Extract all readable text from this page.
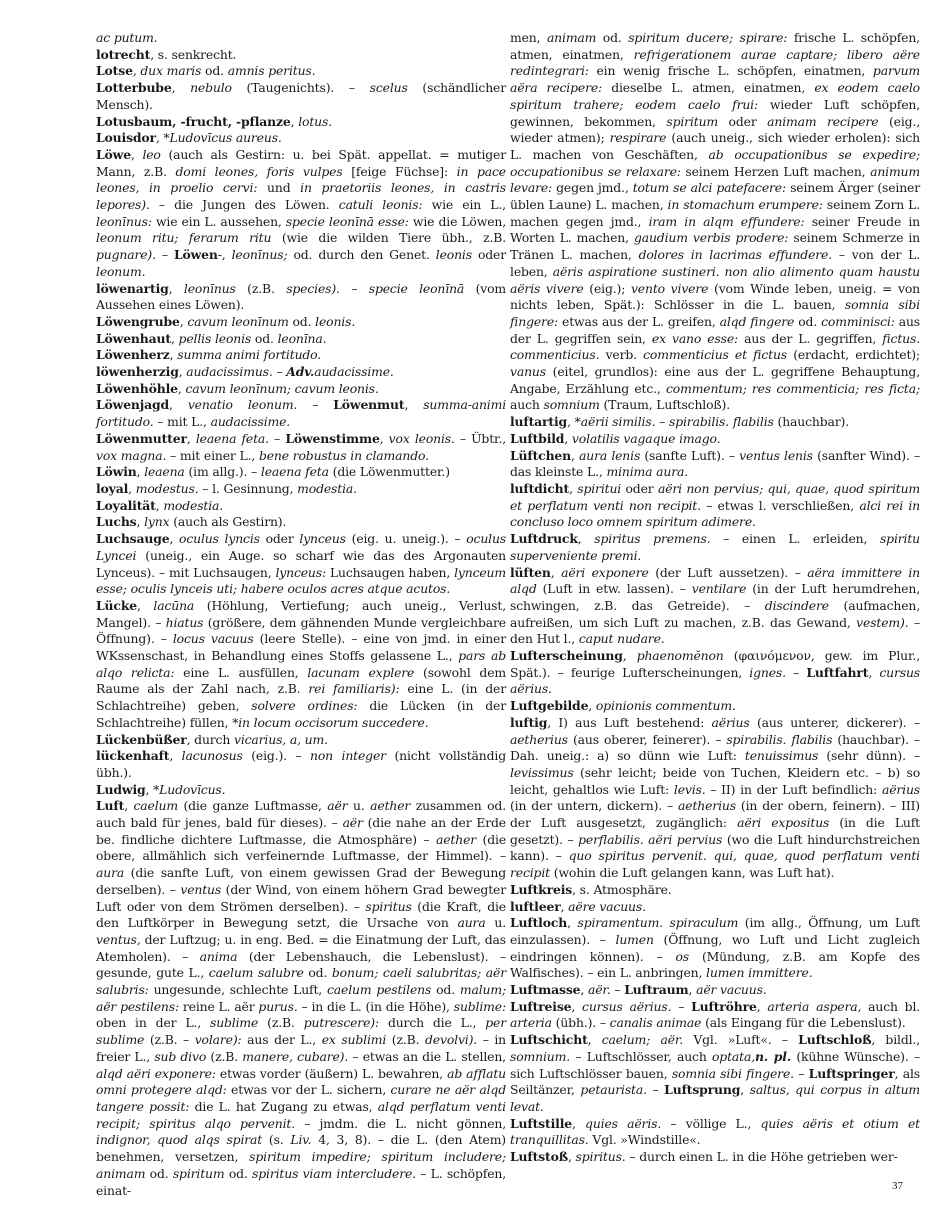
ac putum.
lotrecht, s. senkrecht.
Lotse, dux maris od. amnis peritus.
Lotterbube, nebulo (Taugenichts). – scelus (schändlicher Mensch).
Lotusbaum, -frucht, -pflanze, lotus.
Louisdor, *Ludovīcus aureus.
Löwe, leo (auch als Gestirn: u. bei Spät. appellat. = mutiger Mann, z.B. domi leones, foris vulpes [feige Füchse]: in pace leones, in proelio cervi: und in praetoriis leones, in castris lepores). – die Jungen des Löwen. catuli leonis: wie ein L., leonīnus: wie ein L. aussehen, specie leonīnā esse: wie die Löwen, leonum ritu; ferarum ritu (wie die wilden Tiere übh., z.B. pugnare). – Löwen-, leonīnus; od. durch den Genet. leonis oder leonum.
löwenartig, leonīnus (z.B. species). – specie leonīnā (vom Aussehen eines Löwen).
Löwengrube, cavum leonīnum od. leonis.
Löwenhaut, pellis leonis od. leonīna.
Löwenherz, summa animi fortitudo.
löwenherzig, audacissimus. – Adv.audacissime.
Löwenhöhle, cavum leonīnum; cavum leonis.
Löwenjagd, venatio leonum. – Löwenmut, summa-animi fortitudo. – mit L., audacissime.
Löwenmutter, leaena feta. – Löwenstimme, vox leonis. – Übtr., vox magna. – mit einer L., bene robustus in clamando.
Löwin, leaena (im allg.). – leaena feta (die Löwenmutter.)
loyal, modestus. – l. Gesinnung, modestia.
Loyalität, modestia.
Luchs, lynx (auch als Gestirn).
Luchsauge, oculus lyncis oder lynceus (eig. u. uneig.). – oculus Lyncei (uneig., ein Auge. so scharf wie das des Argonauten Lynceus). – mit Luchsaugen, lynceus: Luchsaugen haben, lynceum esse; oculis lynceis uti; habere oculos acres atque acutos.
Lücke, lacūna (Höhlung, Vertiefung; auch uneig., Verlust, Mangel). – hiatus (größere, dem gähnenden Munde vergleichbare Öffnung). – locus vacuus (leere Stelle). – eine von jmd. in einer WKssenschast, in Behandlung eines Stoffs gelassene L., pars ab alqo relicta: eine L. ausfüllen, lacunam explere (sowohl dem Raume als der Zahl nach, z.B. rei familiaris): eine L. (in der Schlachtreihe) geben, solvere ordines: die Lücken (in der Schlachtreihe) füllen, *in locum occisorum succedere.
Lückenbüßer, durch vicarius, a, um.
lückenhaft, lacunosus (eig.). – non integer (nicht vollständig übh.).
Ludwig, *Ludovīcus.
Luft, caelum (die ganze Luftmasse, aër u. aether zusammen od. auch bald für jenes, bald für dieses). – aër (die nahe an der Erde be. findliche dichtere Luftmasse, die Atmosphäre) – aether (die obere, allmählich sich verfeinernde Luftmasse, der Himmel). – aura (die sanfte Luft, von einem gewissen Grad der Bewegung derselben). – ventus (der Wind, von einem höhern Grad bewegter Luft oder von dem Strömen derselben). – spiritus (die Kraft, die den Luftkörper in Bewegung setzt, die Ursache von aura u. ventus, der Luftzug; u. in eng. Bed. = die Einatmung der Luft, das Atemholen). – anima (der Lebenshauch, die Lebenslust). – gesunde, gute L., caelum salubre od. bonum; caeli salubritas; aër salubris: ungesunde, schlechte Luft, caelum pestilens od. malum; aër pestilens: reine L. aër purus. – in die L. (in die Höhe), sublime: oben in der L., sublime (z.B. putrescere): durch die L., per sublime (z.B. – volare): aus der L., ex sublimi (z.B. devolvi). – in freier L., sub divo (z.B. manere, cubare). – etwas an die L. stellen, alqd aëri exponere: etwas vorder (äußern) L. bewahren, ab afflatu omni protegere alqd: etwas vor der L. sichern, curare ne aër alqd tangere possit: die L. hat Zugang zu etwas, alqd perflatum venti recipit; spiritus alqo pervenit. – jmdm. die L. nicht gönnen, indignor, quod alqs spirat (s. Liv. 4, 3, 8). – die L. (den Atem) benehmen, versetzen, spiritum impedire; spiritum includere; animam od. spiritum od. spiritus viam intercludere. – L. schöpfen, einat-
men, animam od. spiritum ducere; spirare: frische L. schöpfen, atmen, einatmen, refrigerationem aurae captare; libero aëre redintegrari: ein wenig frische L. schöpfen, einatmen, parvum aëra recipere: dieselbe L. atmen, einatmen, ex eodem caelo spiritum trahere; eodem caelo frui: wieder Luft schöpfen, gewinnen, bekommen, spiritum oder animam recipere (eig., wieder atmen); respirare (auch uneig., sich wieder erholen): sich L. machen von Geschäften, ab occupationibus se expedire; occupationibus se relaxare: seinem Herzen Luft machen, animum levare: gegen jmd., totum se alci patefacere: seinem Ärger (seiner üblen Laune) L. machen, in stomachum erumpere: seinem Zorn L. machen gegen jmd., iram in alqm effundere: seiner Freude in Worten L. machen, gaudium verbis prodere: seinem Schmerze in Tränen L. machen, dolores in lacrimas effundere. – von der L. leben, aëris aspiratione sustineri. non alio alimento quam haustu aëris vivere (eig.); vento vivere (vom Winde leben, uneig. = von nichts leben, Spät.): Schlösser in die L. bauen, somnia sibi fingere: etwas aus der L. greifen, alqd fingere od. comminisci: aus der L. gegriffen sein, ex vano esse: aus der L. gegriffen, fictus. commenticius. verb. commenticius et fictus (erdacht, erdichtet); vanus (eitel, grundlos): eine aus der L. gegriffene Behauptung, Angabe, Erzählung etc., commentum; res commenticia; res ficta; auch somnium (Traum, Luftschloß).
luftartig, *aërii similis. – spirabilis. flabilis (hauchbar).
Luftbild, volatilis vagaque imago.
Lüftchen, aura lenis (sanfte Luft). – ventus lenis (sanfter Wind). – das kleinste L., minima aura.
luftdicht, spiritui oder aëri non pervius; qui, quae, quod spiritum et perflatum venti non recipit. – etwas l. verschließen, alci rei in concluso loco omnem spiritum adimere.
Luftdruck, spiritus premens. – einen L. erleiden, spiritu superveniente premi.
lüften, aëri exponere (der Luft aussetzen). – aëra immittere in alqd (Luft in etw. lassen). – ventilare (in der Luft herumdrehen, schwingen, z.B. das Getreide). – discindere (aufmachen, aufreißen, um sich Luft zu machen, z.B. das Gewand, vestem). – den Hut l., caput nudare.
Lufterscheinung, phaenomĕnon (φαινόμενον, gew. im Plur., Spät.). – feurige Lufterscheinungen, ignes. – Luftfahrt, cursus aërius.
Luftgebilde, opinionis commentum.
luftig, I) aus Luft bestehend: aërius (aus unterer, dickerer). – aetherius (aus oberer, feinerer). – spirabilis. flabilis (hauchbar). – Dah. uneig.: a) so dünn wie Luft: tenuissimus (sehr dünn). – levissimus (sehr leicht; beide von Tuchen, Kleidern etc. – b) so leicht, gehaltlos wie Luft: levis. – II) in der Luft befindlich: aërius (in der untern, dickern). – aetherius (in der obern, feinern). – III) der Luft ausgesetzt, zugänglich: aëri expositus (in die Luft gesetzt). – perflabilis. aëri pervius (wo die Luft hindurchstreichen kann). – quo spiritus pervenit. qui, quae, quod perflatum venti recipit (wohin die Luft gelangen kann, was Luft hat).
Luftkreis, s. Atmosphäre.
luftleer, aëre vacuus.
Luftloch, spiramentum. spiraculum (im allg., Öffnung, um Luft einzulassen). – lumen (Öffnung, wo Luft und Licht zugleich eindringen können). – os (Mündung, z.B. am Kopfe des Walfisches). – ein L. anbringen, lumen immittere.
Luftmasse, aër. – Luftraum, aër vacuus.
Luftreise, cursus aërius. – Luftröhre, arteria aspera, auch bl. arteria (übh.). – canalis animae (als Eingang für die Lebenslust).
Luftschicht, caelum; aër. Vgl. »Luft«. – Luftschloß, bildl., somnium. – Luftschlösser, auch optata,n. pl. (kühne Wünsche). – sich Luftschlösser bauen, somnia sibi fingere. – Luftspringer, als Seiltänzer, petaurista. – Luftsprung, saltus, qui corpus in altum levat.
Luftstille, quies aëris. – völlige L., quies aëris et otium et tranquillitas. Vgl. »Windstille«.
Luftstoß, spiritus. – durch einen L. in die Höhe getrieben wer-
37
